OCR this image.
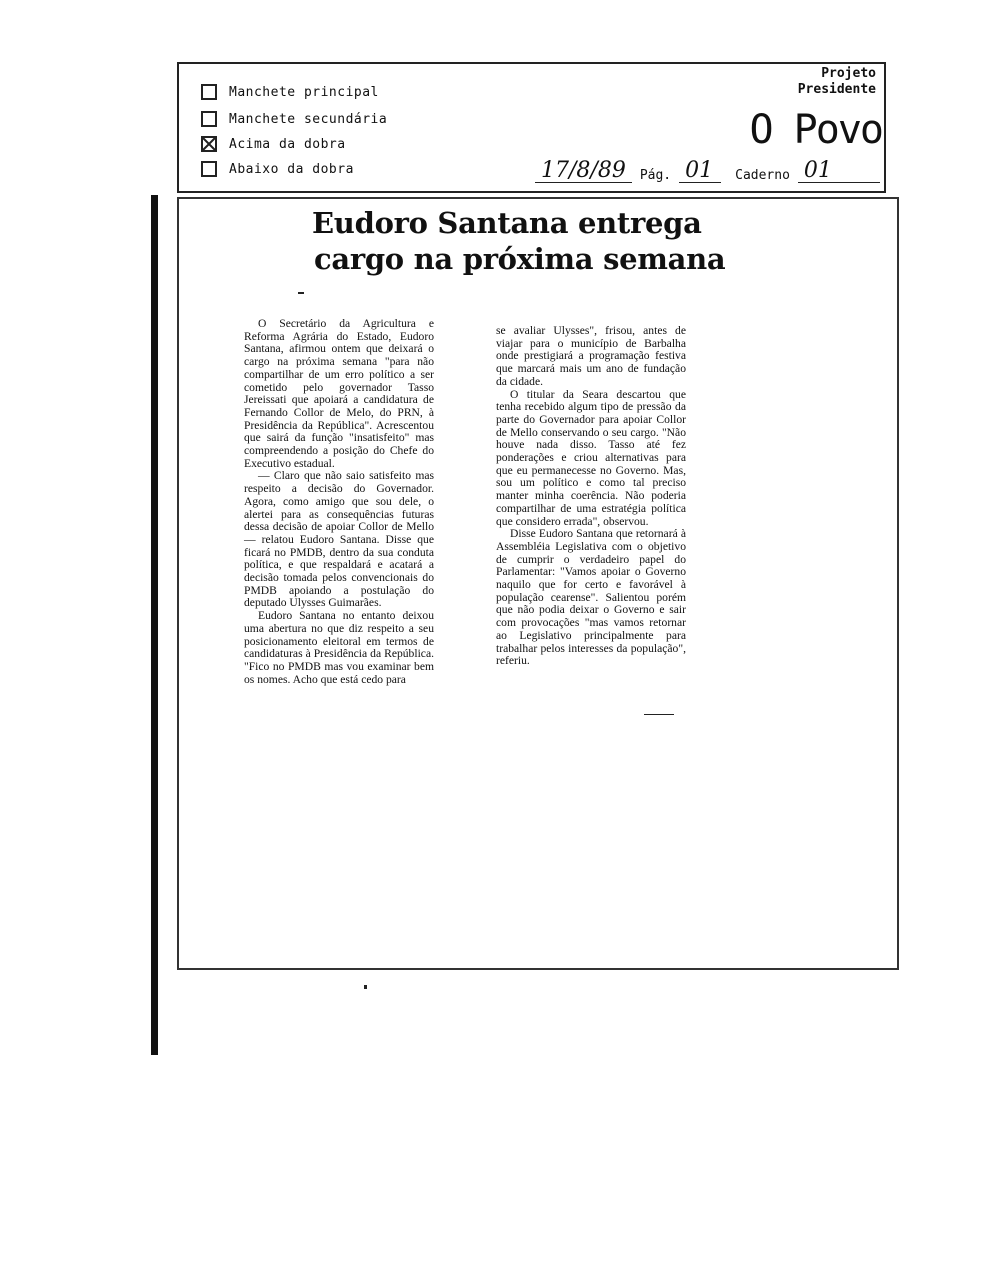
Manchete principal
Manchete secundária
Acima da dobra
Abaixo da dobra
Projeto
Presidente
O Povo
17/8/89	Pág. 01	Caderno 01
Eudoro Santana entrega
cargo na próxima semana

O Secretário da Agricultura e Reforma Agrária do Estado, Eudoro Santana, afirmou ontem que deixará o cargo na próxima semana "para não compartilhar de um erro político a ser cometido pelo governador Tasso Jereissati que apoiará a candidatura de Fernando Collor de Melo, do PRN, à Presidência da República". Acrescentou que sairá da função "insatisfeito" mas compreendendo a posição do Chefe do Executivo estadual.

— Claro que não saio satisfeito mas respeito a decisão do Governador. Agora, como amigo que sou dele, o alertei para as consequências futuras dessa decisão de apoiar Collor de Mello — relatou Eudoro Santana. Disse que ficará no PMDB, dentro da sua conduta política, e que respaldará e acatará a decisão tomada pelos convencionais do PMDB apoiando a postulação do deputado Ulysses Guimarães.

Eudoro Santana no entanto deixou uma abertura no que diz respeito a seu posicionamento eleitoral em termos de candidaturas à Presidência da República. "Fico no PMDB mas vou examinar bem os nomes. Acho que está cedo para

se avaliar Ulysses", frisou, antes de viajar para o município de Barbalha onde prestigiará a programação festiva que marcará mais um ano de fundação da cidade.

O titular da Seara descartou que tenha recebido algum tipo de pressão da parte do Governador para apoiar Collor de Mello conservando o seu cargo. "Não houve nada disso. Tasso até fez ponderações e criou alternativas para que eu permanecesse no Governo. Mas, sou um político e como tal preciso manter minha coerência. Não poderia compartilhar de uma estratégia política que considero errada", observou.

Disse Eudoro Santana que retornará à Assembléia Legislativa com o objetivo de cumprir o verdadeiro papel do Parlamentar: "Vamos apoiar o Governo naquilo que for certo e favorável à população cearense". Salientou porém que não podia deixar o Governo e sair com provocações "mas vamos retornar ao Legislativo principalmente para trabalhar pelos interesses da população", referiu.
